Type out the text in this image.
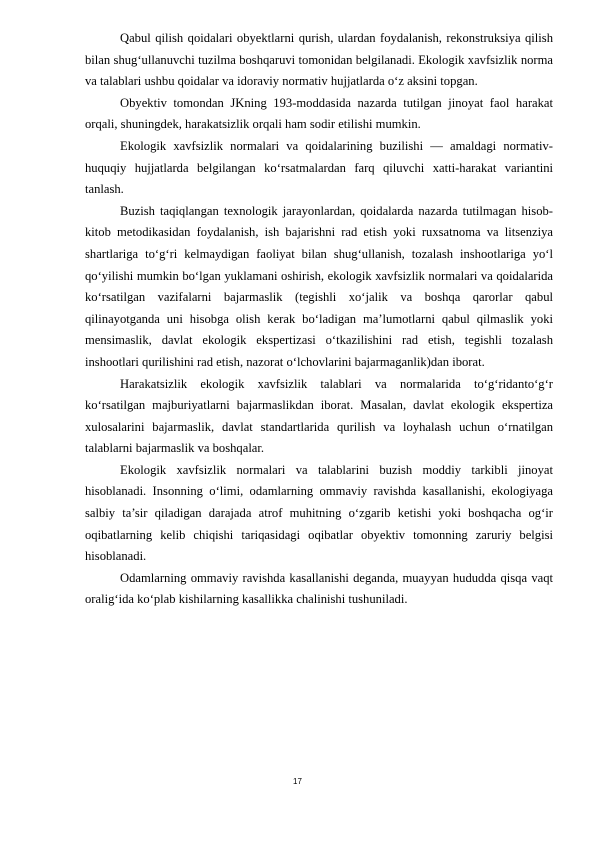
Qabul qilish qoidalari obyektlarni qurish, ulardan foydalanish, rekonstruksiya qilish bilan shug‘ullanuvchi tuzilma boshqaruvi tomonidan belgilanadi. Ekologik xavfsizlik norma va talablari ushbu qoidalar va idoraviy normativ hujjatlarda o‘z aksini topgan.

Obyektiv tomondan JKning 193-moddasida nazarda tutilgan jinoyat faol harakat orqali, shuningdek, harakatsizlik orqali ham sodir etilishi mumkin.

Ekologik xavfsizlik normalari va qoidalarining buzilishi — amaldagi normativ-huquqiy hujjatlarda belgilangan ko‘rsatmalardan farq qiluvchi xatti-harakat variantini tanlash.

Buzish taqiqlangan texnologik jarayonlardan, qoidalarda nazarda tutilmagan hisob-kitob metodikasidan foydalanish, ish bajarishni rad etish yoki ruxsatnoma va litsenziya shartlariga to‘g‘ri kelmaydigan faoliyat bilan shug‘ullanish, tozalash inshootlariga yo‘l qo‘yilishi mumkin bo‘lgan yuklamani oshirish, ekologik xavfsizlik normalari va qoidalarida ko‘rsatilgan vazifalarni bajarmaslik (tegishli xo‘jalik va boshqa qarorlar qabul qilinayotganda uni hisobga olish kerak bo‘ladigan ma’lumotlarni qabul qilmaslik yoki mensimaslik, davlat ekologik ekspertizasi o‘tkazilishini rad etish, tegishli tozalash inshootlari qurilishini rad etish, nazorat o‘lchovlarini bajarmaganlik)dan iborat.

Harakatsizlik ekologik xavfsizlik talablari va normalarida to‘g‘ridanto‘g‘r ko‘rsatilgan majburiyatlarni bajarmaslikdan iborat. Masalan, davlat ekologik ekspertiza xulosalarini bajarmaslik, davlat standartlarida qurilish va loyhalash uchun o‘rnatilgan talablarni bajarmaslik va boshqalar.

Ekologik xavfsizlik normalari va talablarini buzish moddiy tarkibli jinoyat hisoblanadi. Insonning o‘limi, odamlarning ommaviy ravishda kasallanishi, ekologiyaga salbiy ta’sir qiladigan darajada atrof muhitning o‘zgarib ketishi yoki boshqacha og‘ir oqibatlarning kelib chiqishi tariqasidagi oqibatlar obyektiv tomonning zaruriy belgisi hisoblanadi.

Odamlarning ommaviy ravishda kasallanishi deganda, muayyan hududda qisqa vaqt oralig‘ida ko‘plab kishilarning kasallikka chalinishi tushuniladi.

17
